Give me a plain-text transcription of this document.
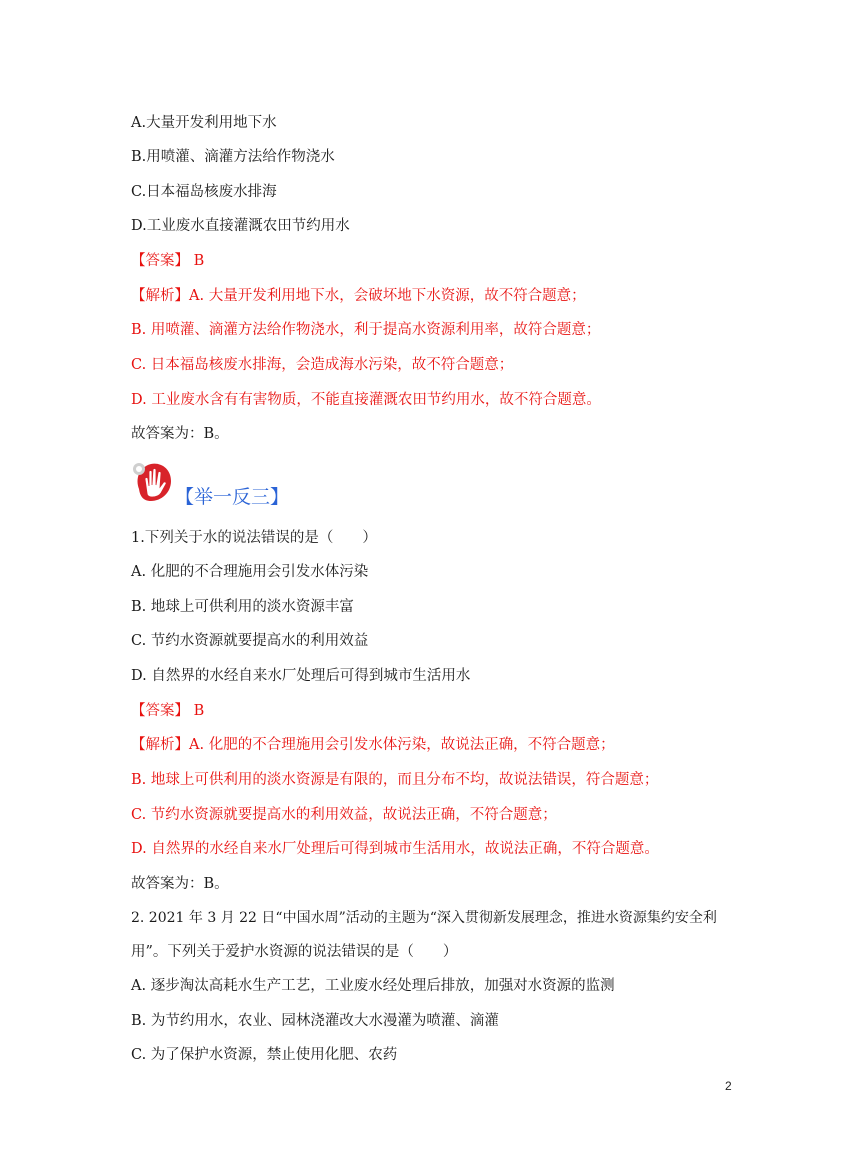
A.大量开发利用地下水
B.用喷灌、滴灌方法给作物浇水
C.日本福岛核废水排海
D.工业废水直接灌溉农田节约用水
【答案】 B
【解析】A. 大量开发利用地下水，会破坏地下水资源，故不符合题意；
B. 用喷灌、滴灌方法给作物浇水，利于提高水资源利用率，故符合题意；
C. 日本福岛核废水排海，会造成海水污染，故不符合题意；
D. 工业废水含有有害物质，不能直接灌溉农田节约用水，故不符合题意。
故答案为：B。
【举一反三】
1.下列关于水的说法错误的是（　　）
A. 化肥的不合理施用会引发水体污染
B. 地球上可供利用的淡水资源丰富
C. 节约水资源就要提高水的利用效益
D. 自然界的水经自来水厂处理后可得到城市生活用水
【答案】 B
【解析】A. 化肥的不合理施用会引发水体污染，故说法正确，不符合题意；
B. 地球上可供利用的淡水资源是有限的，而且分布不均，故说法错误，符合题意；
C. 节约水资源就要提高水的利用效益，故说法正确，不符合题意；
D. 自然界的水经自来水厂处理后可得到城市生活用水，故说法正确，不符合题意。
故答案为：B。
2. 2021 年 3 月 22 日“中国水周”活动的主题为“深入贯彻新发展理念，推进水资源集约安全利
用”。下列关于爱护水资源的说法错误的是（　　）
A. 逐步淘汰高耗水生产工艺，工业废水经处理后排放，加强对水资源的监测
B. 为节约用水，农业、园林浇灌改大水漫灌为喷灌、滴灌
C. 为了保护水资源，禁止使用化肥、农药
2
